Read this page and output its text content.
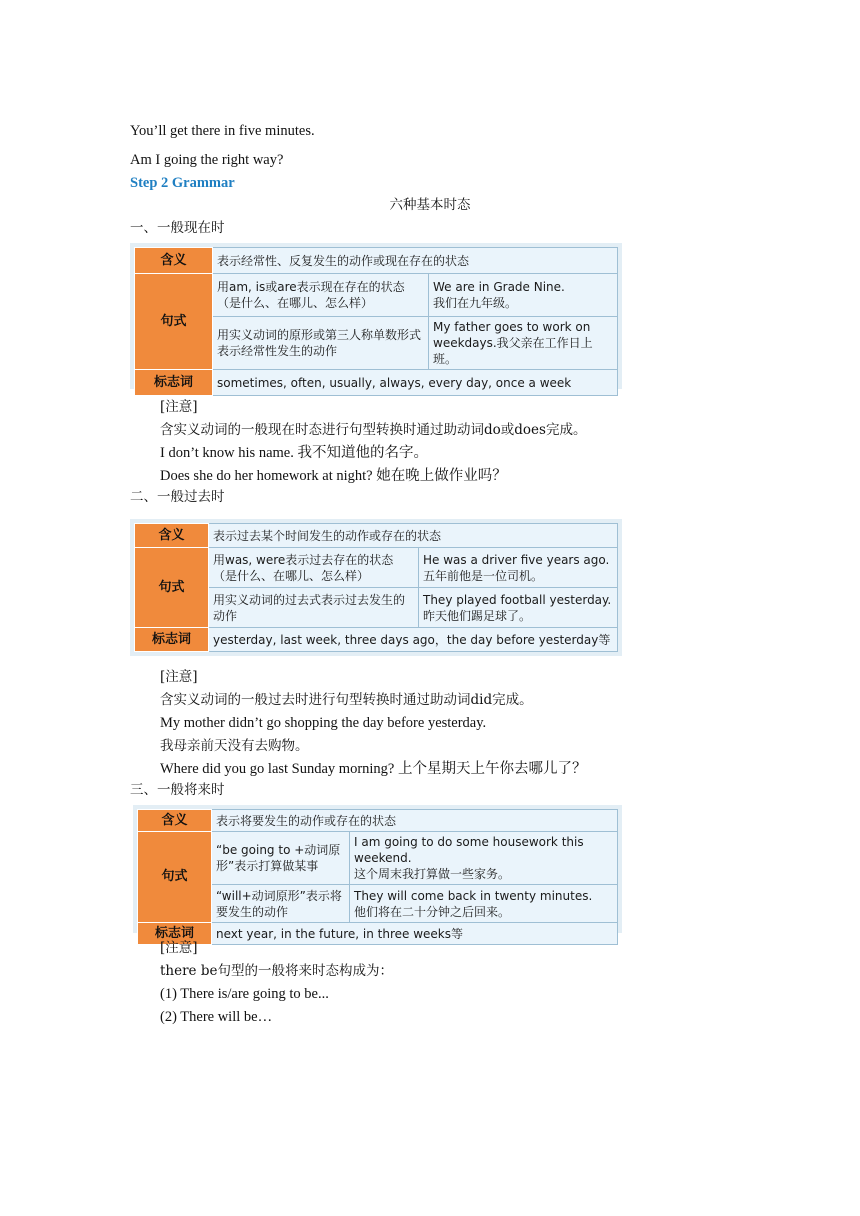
You’ll get there in five minutes.
Am I going the right way?
Step 2 Grammar
六种基本时态
一、一般现在时
含义	表示经常性、反复发生的动作或现在存在的状态	
句式	用am, is或are表示现在存在的状态（是什么、在哪儿、怎么样）	We are in Grade Nine.
我们在九年级。
	用实义动词的原形或第三人称单数形式表示经常性发生的动作	My father goes to work on weekdays.我父亲在工作日上班。
标志词	sometimes, often, usually, always, every day, once a week	
[注意]
含实义动词的一般现在时态进行句型转换时通过助动词do或does完成。
I don’t know his name. 我不知道他的名字。
Does she do her homework at night? 她在晚上做作业吗？
二、一般过去时
含义	表示过去某个时间发生的动作或存在的状态	
句式	用was, were表示过去存在的状态（是什么、在哪儿、怎么样）	He was a driver five years ago.
五年前他是一位司机。
	用实义动词的过去式表示过去发生的动作	They played football yesterday.
昨天他们踢足球了。
标志词	yesterday, last week, three days ago，the day before yesterday等	
[注意]
含实义动词的一般过去时进行句型转换时通过助动词did完成。
My mother didn’t go shopping the day before yesterday.
我母亲前天没有去购物。
Where did you go last Sunday morning? 上个星期天上午你去哪儿了？
三、一般将来时
含义	表示将要发生的动作或存在的状态	
句式	“be going to +动词原形”表示打算做某事	I am going to do some housework this weekend.
这个周末我打算做一些家务。
	“will+动词原形”表示将要发生的动作	They will come back in twenty minutes.
他们将在二十分钟之后回来。
标志词	next year, in the future, in three weeks等	
[注意]
there be句型的一般将来时态构成为：
(1) There is/are going to be...
(2) There will be…
